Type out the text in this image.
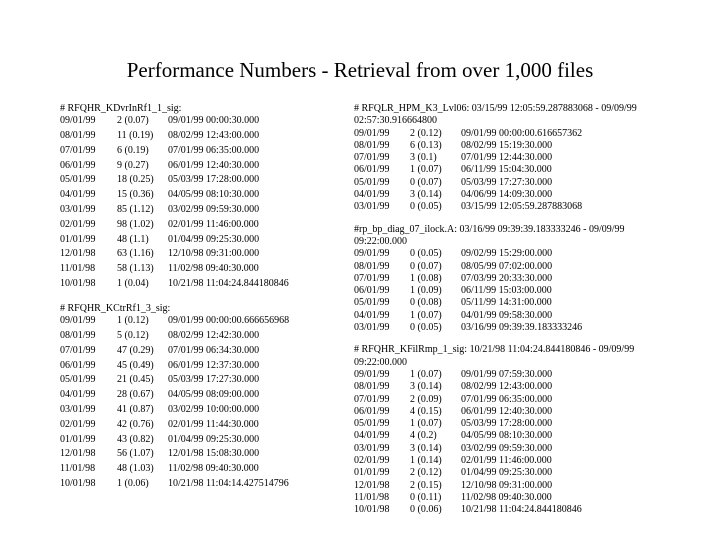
Performance Numbers - Retrieval from over 1,000 files
# RFQHR_KDvrInRf1_1_sig:
09/01/99	2 (0.07)	09/01/99 00:00:30.000
08/01/99	11 (0.19)	08/02/99 12:43:00.000
07/01/99	6 (0.19)	07/01/99 06:35:00.000
06/01/99	9 (0.27)	06/01/99 12:40:30.000
05/01/99	18 (0.25)	05/03/99 17:28:00.000
04/01/99	15 (0.36)	04/05/99 08:10:30.000
03/01/99	85 (1.12)	03/02/99 09:59:30.000
02/01/99	98 (1.02)	02/01/99 11:46:00.000
01/01/99	48 (1.1)	01/04/99 09:25:30.000
12/01/98	63 (1.16)	12/10/98 09:31:00.000
11/01/98	58 (1.13)	11/02/98 09:40:30.000
10/01/98	1 (0.04)	10/21/98 11:04:24.844180846
# RFQHR_KCtrRf1_3_sig:
09/01/99	1 (0.12)	09/01/99 00:00:00.666656968
08/01/99	5 (0.12)	08/02/99 12:42:30.000
07/01/99	47 (0.29)	07/01/99 06:34:30.000
06/01/99	45 (0.49)	06/01/99 12:37:30.000
05/01/99	21 (0.45)	05/03/99 17:27:30.000
04/01/99	28 (0.67)	04/05/99 08:09:00.000
03/01/99	41 (0.87)	03/02/99 10:00:00.000
02/01/99	42 (0.76)	02/01/99 11:44:30.000
01/01/99	43 (0.82)	01/04/99 09:25:30.000
12/01/98	56 (1.07)	12/01/98 15:08:30.000
11/01/98	48 (1.03)	11/02/98 09:40:30.000
10/01/98	1 (0.06)	10/21/98 11:04:14.427514796
# RFQLR_HPM_K3_Lvl06: 03/15/99 12:05:59.287883068 - 09/09/99 02:57:30.916664800
09/01/99	2 (0.12)	09/01/99 00:00:00.616657362
08/01/99	6 (0.13)	08/02/99 15:19:30.000
07/01/99	3 (0.1)	07/01/99 12:44:30.000
06/01/99	1 (0.07)	06/11/99 15:04:30.000
05/01/99	0 (0.07)	05/03/99 17:27:30.000
04/01/99	3 (0.14)	04/06/99 14:09:30.000
03/01/99	0 (0.05)	03/15/99 12:05:59.287883068
#rp_bp_diag_07_ilock.A: 03/16/99 09:39:39.183333246 - 09/09/99 09:22:00.000
09/01/99	0 (0.05)	09/02/99 15:29:00.000
08/01/99	0 (0.07)	08/05/99 07:02:00.000
07/01/99	1 (0.08)	07/03/99 20:33:30.000
06/01/99	1 (0.09)	06/11/99 15:03:00.000
05/01/99	0 (0.08)	05/11/99 14:31:00.000
04/01/99	1 (0.07)	04/01/99 09:58:30.000
03/01/99	0 (0.05)	03/16/99 09:39:39.183333246
# RFQHR_KFilRmp_1_sig: 10/21/98 11:04:24.844180846 - 09/09/99 09:22:00.000
09/01/99	1 (0.07)	09/01/99 07:59:30.000
08/01/99	3 (0.14)	08/02/99 12:43:00.000
07/01/99	2 (0.09)	07/01/99 06:35:00.000
06/01/99	4 (0.15)	06/01/99 12:40:30.000
05/01/99	1 (0.07)	05/03/99 17:28:00.000
04/01/99	4 (0.2)	04/05/99 08:10:30.000
03/01/99	3 (0.14)	03/02/99 09:59:30.000
02/01/99	1 (0.14)	02/01/99 11:46:00.000
01/01/99	2 (0.12)	01/04/99 09:25:30.000
12/01/98	2 (0.15)	12/10/98 09:31:00.000
11/01/98	0 (0.11)	11/02/98 09:40:30.000
10/01/98	0 (0.06)	10/21/98 11:04:24.844180846
